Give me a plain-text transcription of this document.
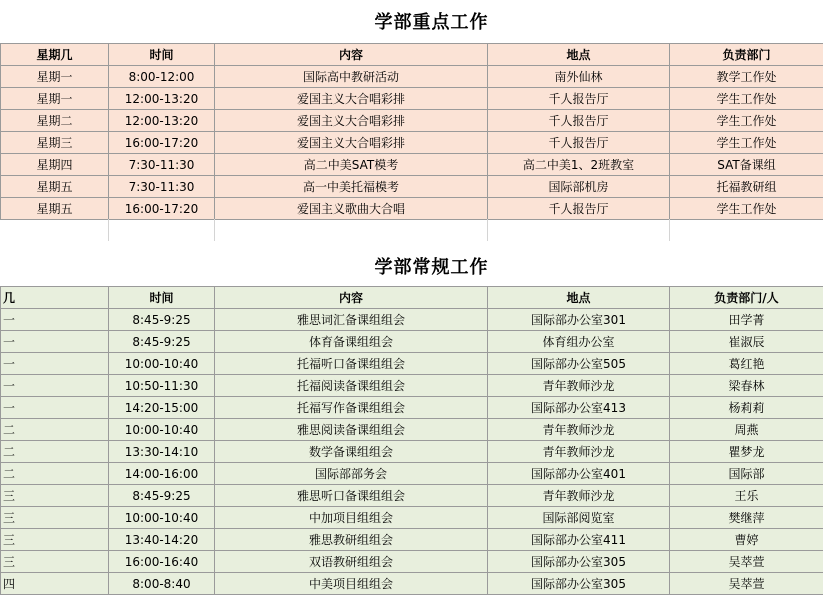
学部重点工作
星期几	时间	内容	地点	负责部门
星期一	8:00-12:00	国际高中教研活动	南外仙林	教学工作处
星期一	12:00-13:20	爱国主义大合唱彩排	千人报告厅	学生工作处
星期二	12:00-13:20	爱国主义大合唱彩排	千人报告厅	学生工作处
星期三	16:00-17:20	爱国主义大合唱彩排	千人报告厅	学生工作处
星期四	7:30-11:30	高二中美SAT模考	高二中美1、2班教室	SAT备课组
星期五	7:30-11:30	高一中美托福模考	国际部机房	托福教研组
星期五	16:00-17:20	爱国主义歌曲大合唱	千人报告厅	学生工作处
学部常规工作
几	时间	内容	地点	负责部门/人
一	8:45-9:25	雅思词汇备课组组会	国际部办公室301	田学菁
一	8:45-9:25	体育备课组组会	体育组办公室	崔淑辰
一	10:00-10:40	托福听口备课组组会	国际部办公室505	葛红艳
一	10:50-11:30	托福阅读备课组组会	青年教师沙龙	梁春林
一	14:20-15:00	托福写作备课组组会	国际部办公室413	杨莉莉
二	10:00-10:40	雅思阅读备课组组会	青年教师沙龙	周燕
二	13:30-14:10	数学备课组组会	青年教师沙龙	瞿梦龙
二	14:00-16:00	国际部部务会	国际部办公室401	国际部
三	8:45-9:25	雅思听口备课组组会	青年教师沙龙	王乐
三	10:00-10:40	中加项目组组会	国际部阅览室	樊继萍
三	13:40-14:20	雅思教研组组会	国际部办公室411	曹婷
三	16:00-16:40	双语教研组组会	国际部办公室305	吴萃萱
四	8:00-8:40	中美项目组组会	国际部办公室305	吴萃萱
